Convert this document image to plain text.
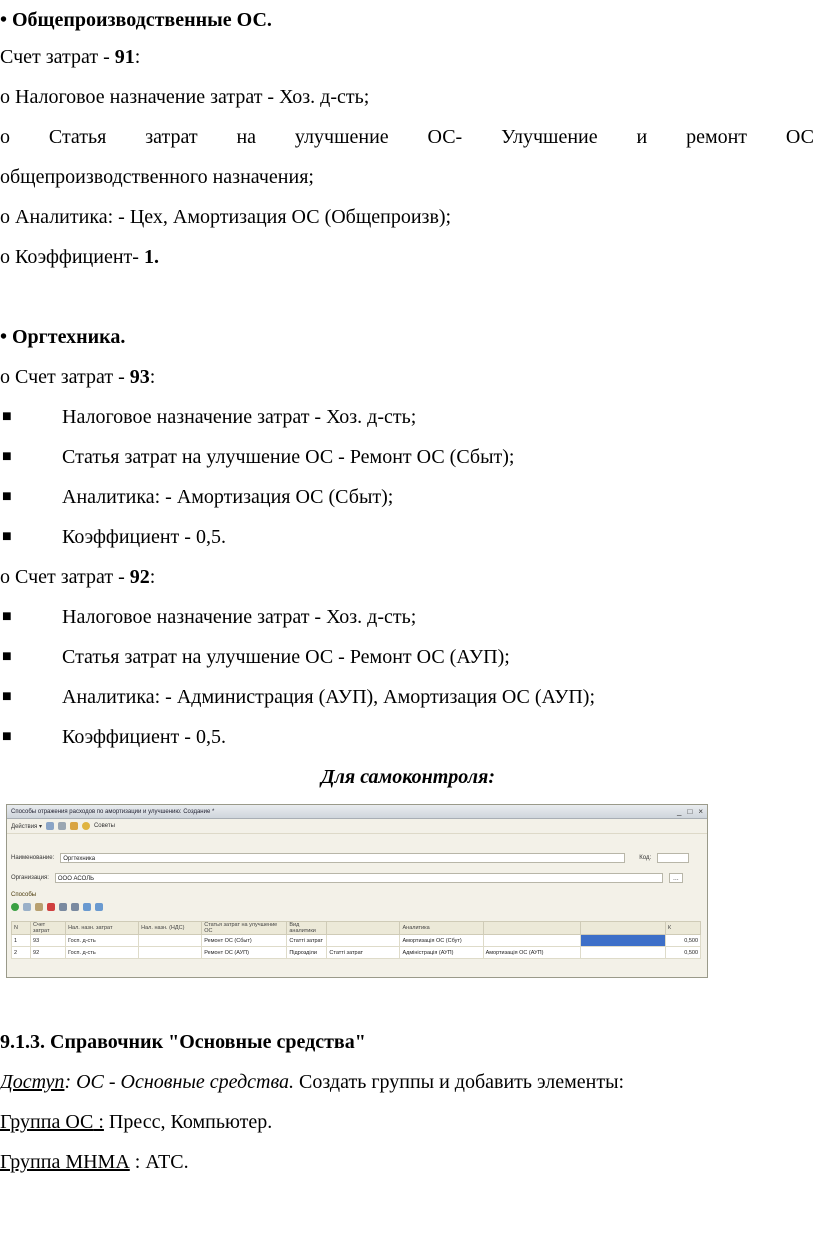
• Общепроизводственные ОС.
Счет затрат - 91:
o Налоговое назначение затрат - Хоз. д-сть;
o Статья затрат на улучшение ОС- Улучшение и ремонт ОС
общепроизводственного назначения;
o Аналитика: - Цех, Амортизация ОС (Общепроизв);
o Коэффициент- 1.
• Оргтехника.
o Счет затрат - 93:
■	Налоговое назначение затрат - Хоз. д-сть;
■	Статья затрат на улучшение ОС - Ремонт ОС (Сбыт);
■	Аналитика: - Амортизация ОС (Сбыт);
■	Коэффициент - 0,5.
o Счет затрат - 92:
■	Налоговое назначение затрат - Хоз. д-сть;
■	Статья затрат на улучшение ОС - Ремонт ОС (АУП);
■	Аналитика: - Администрация (АУП), Амортизация ОС (АУП);
■	Коэффициент - 0,5.
Для самоконтроля:
Способы отражения расходов по амортизации и улучшению: Создание *	_ □ ×
Действия ▾	Советы
Наименование:	Оргтехника	Код:
Организация:	ООО АСОЛЬ	…
Способы
N	Счет затрат	Нал. назн. затрат	Нал. назн. (НДС)	Статья затрат на улучшение ОС	Вид аналитики		Аналитика			К
1	93	Госп. д-сть		Ремонт ОС (Сбыт)	Статті затрат		Амортизація ОС (Сбут)			0,500
2	92	Госп. д-сть		Ремонт ОС (АУП)	Підрозділи	Статті затрат	Адміністрація (АУП)	Амортизація ОС (АУП)		0,500
9.1.3. Справочник "Основные средства"
Доступ: ОС - Основные средства. Создать группы и добавить элементы:
Группа ОС : Пресс, Компьютер.
Группа МНМА : АТС.
